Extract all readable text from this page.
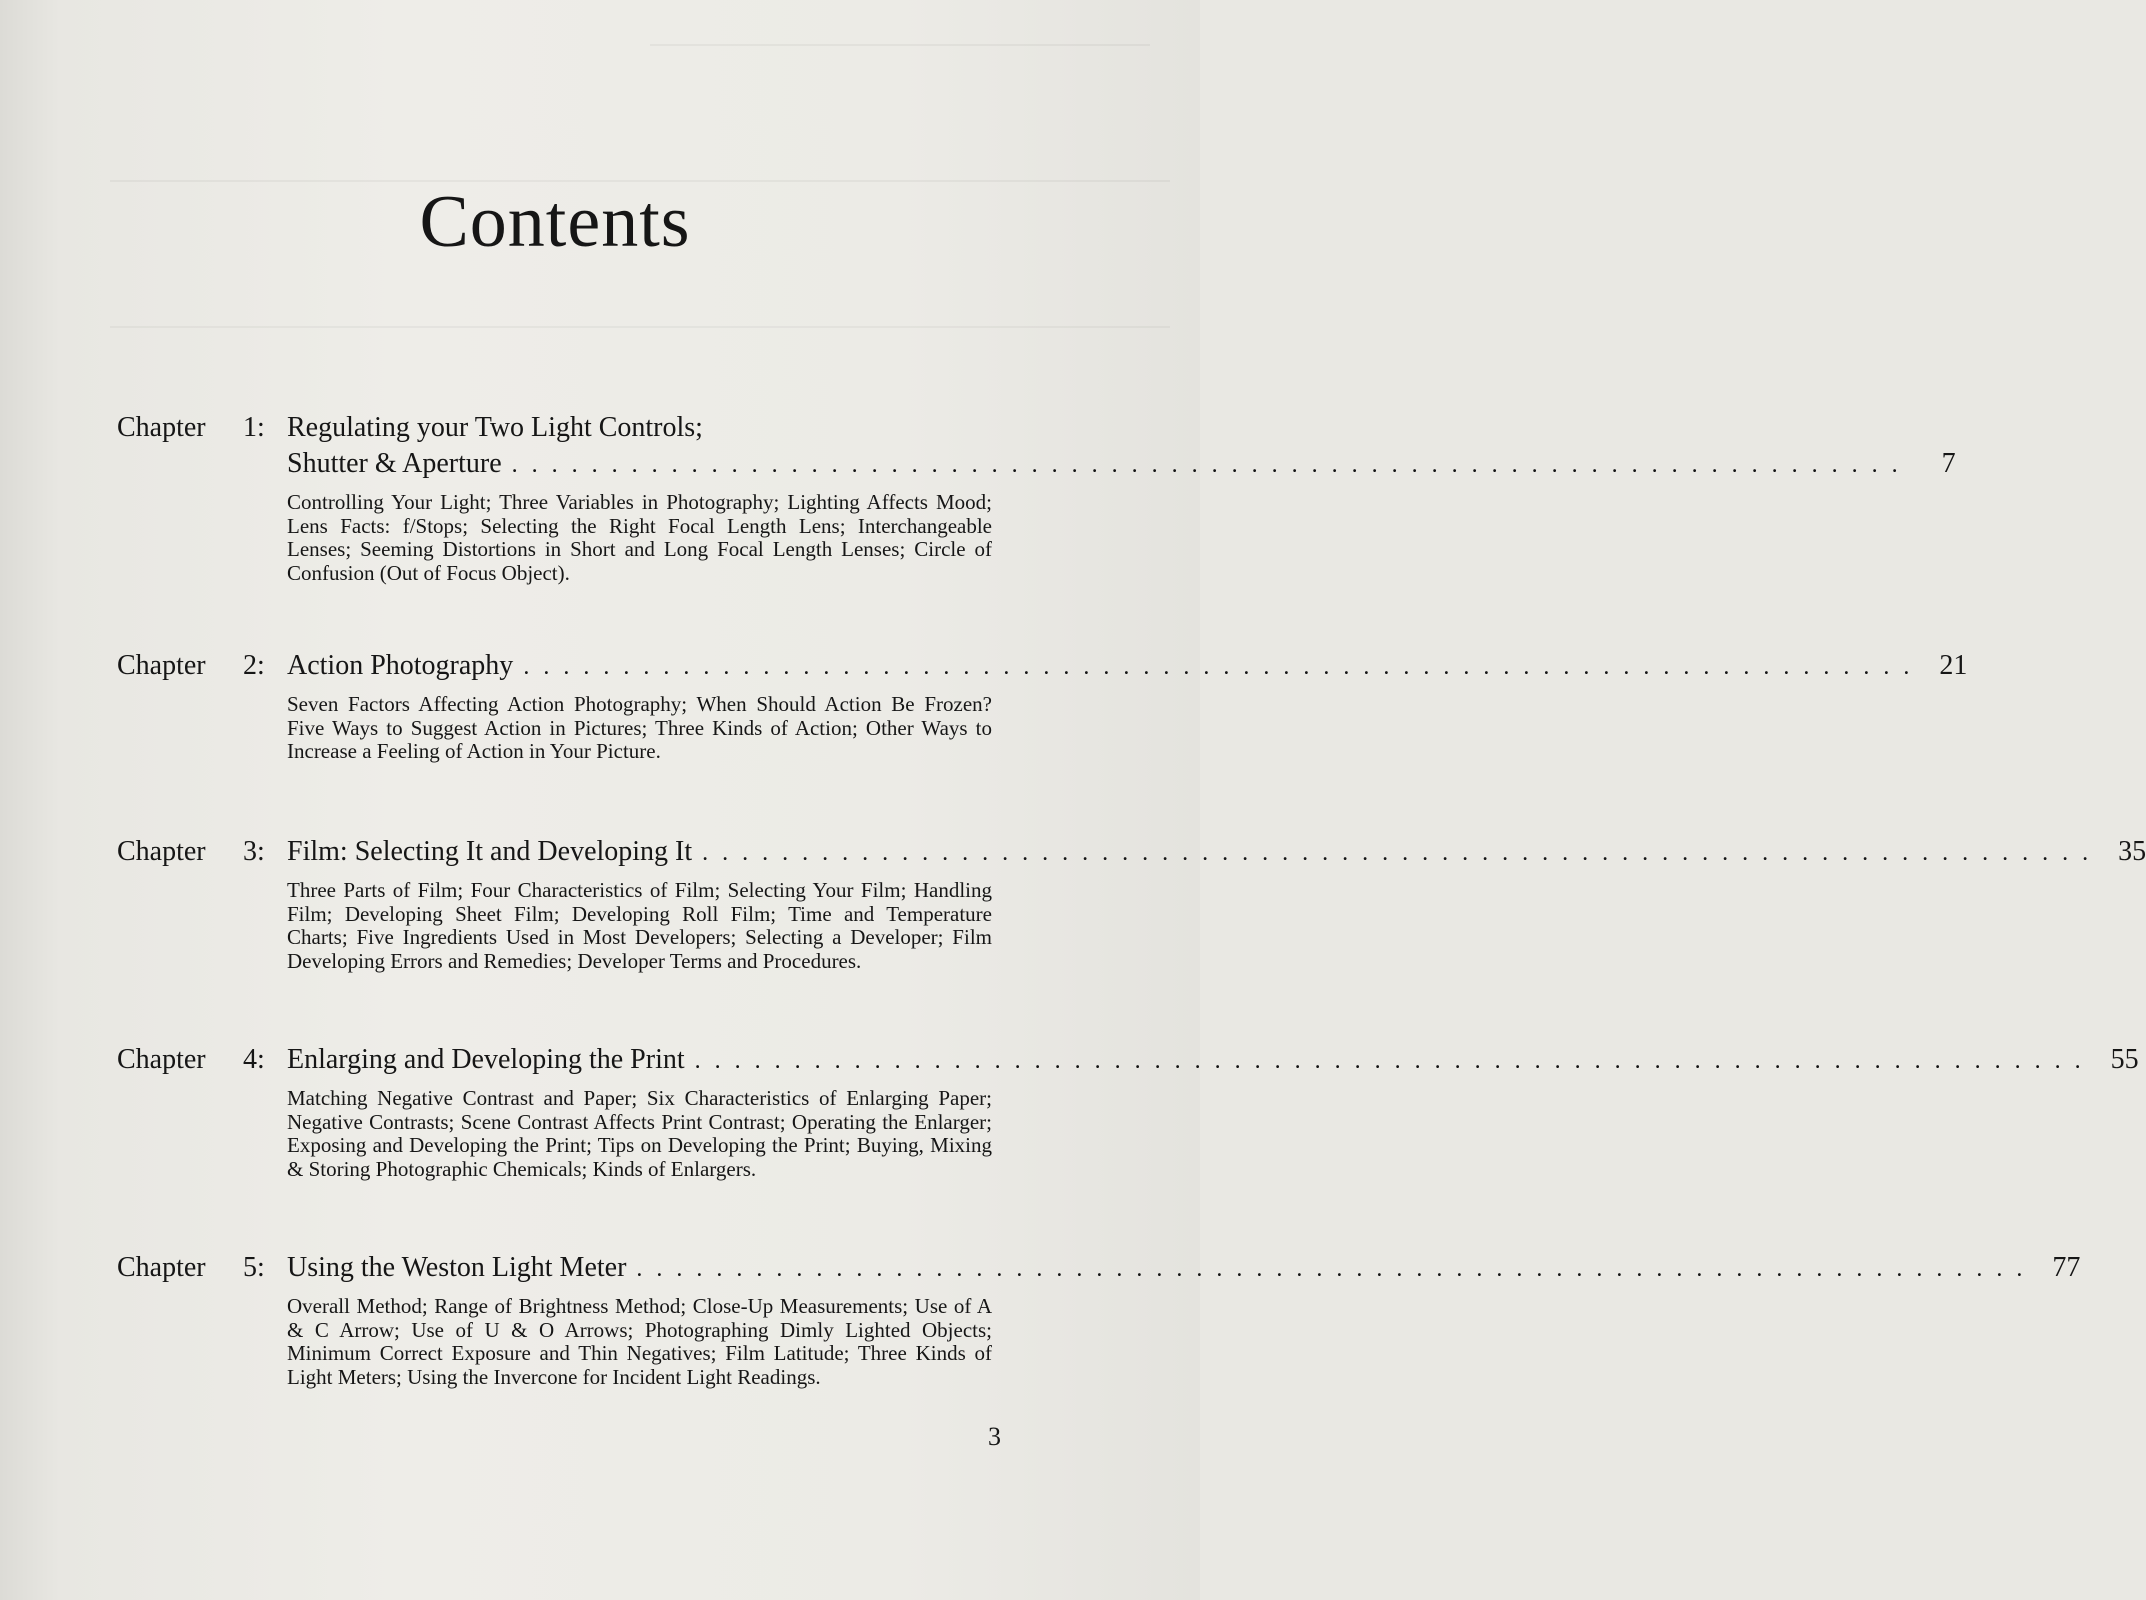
Contents
Chapter	1: Regulating your Two Light Controls;
Shutter & Aperture . . .	7
Controlling Your Light; Three Variables in Photography; Lighting Affects Mood; Lens Facts: f/Stops; Selecting the Right Focal Length Lens; Interchangeable Lenses; Seeming Distortions in Short and Long Focal Length Lenses; Circle of Confusion (Out of Focus Object).
Chapter	2: Action Photography . . .	21
Seven Factors Affecting Action Photography; When Should Action Be Frozen? Five Ways to Suggest Action in Pictures; Three Kinds of Action; Other Ways to Increase a Feeling of Action in Your Picture.
Chapter	3: Film: Selecting It and Developing It . . .	35
Three Parts of Film; Four Characteristics of Film; Selecting Your Film; Handling Film; Developing Sheet Film; Developing Roll Film; Time and Temperature Charts; Five Ingredients Used in Most Developers; Selecting a Developer; Film Developing Errors and Remedies; Developer Terms and Procedures.
Chapter	4: Enlarging and Developing the Print . . .	55
Matching Negative Contrast and Paper; Six Characteristics of Enlarging Paper; Negative Contrasts; Scene Contrast Affects Print Contrast; Operating the Enlarger; Exposing and Developing the Print; Tips on Developing the Print; Buying, Mixing & Storing Photographic Chemicals; Kinds of Enlargers.
Chapter	5: Using the Weston Light Meter . . .	77
Overall Method; Range of Brightness Method; Close-Up Measurements; Use of A & C Arrow; Use of U & O Arrows; Photographing Dimly Lighted Objects; Minimum Correct Exposure and Thin Negatives; Film Latitude; Three Kinds of Light Meters; Using the Invercone for Incident Light Readings.
3
